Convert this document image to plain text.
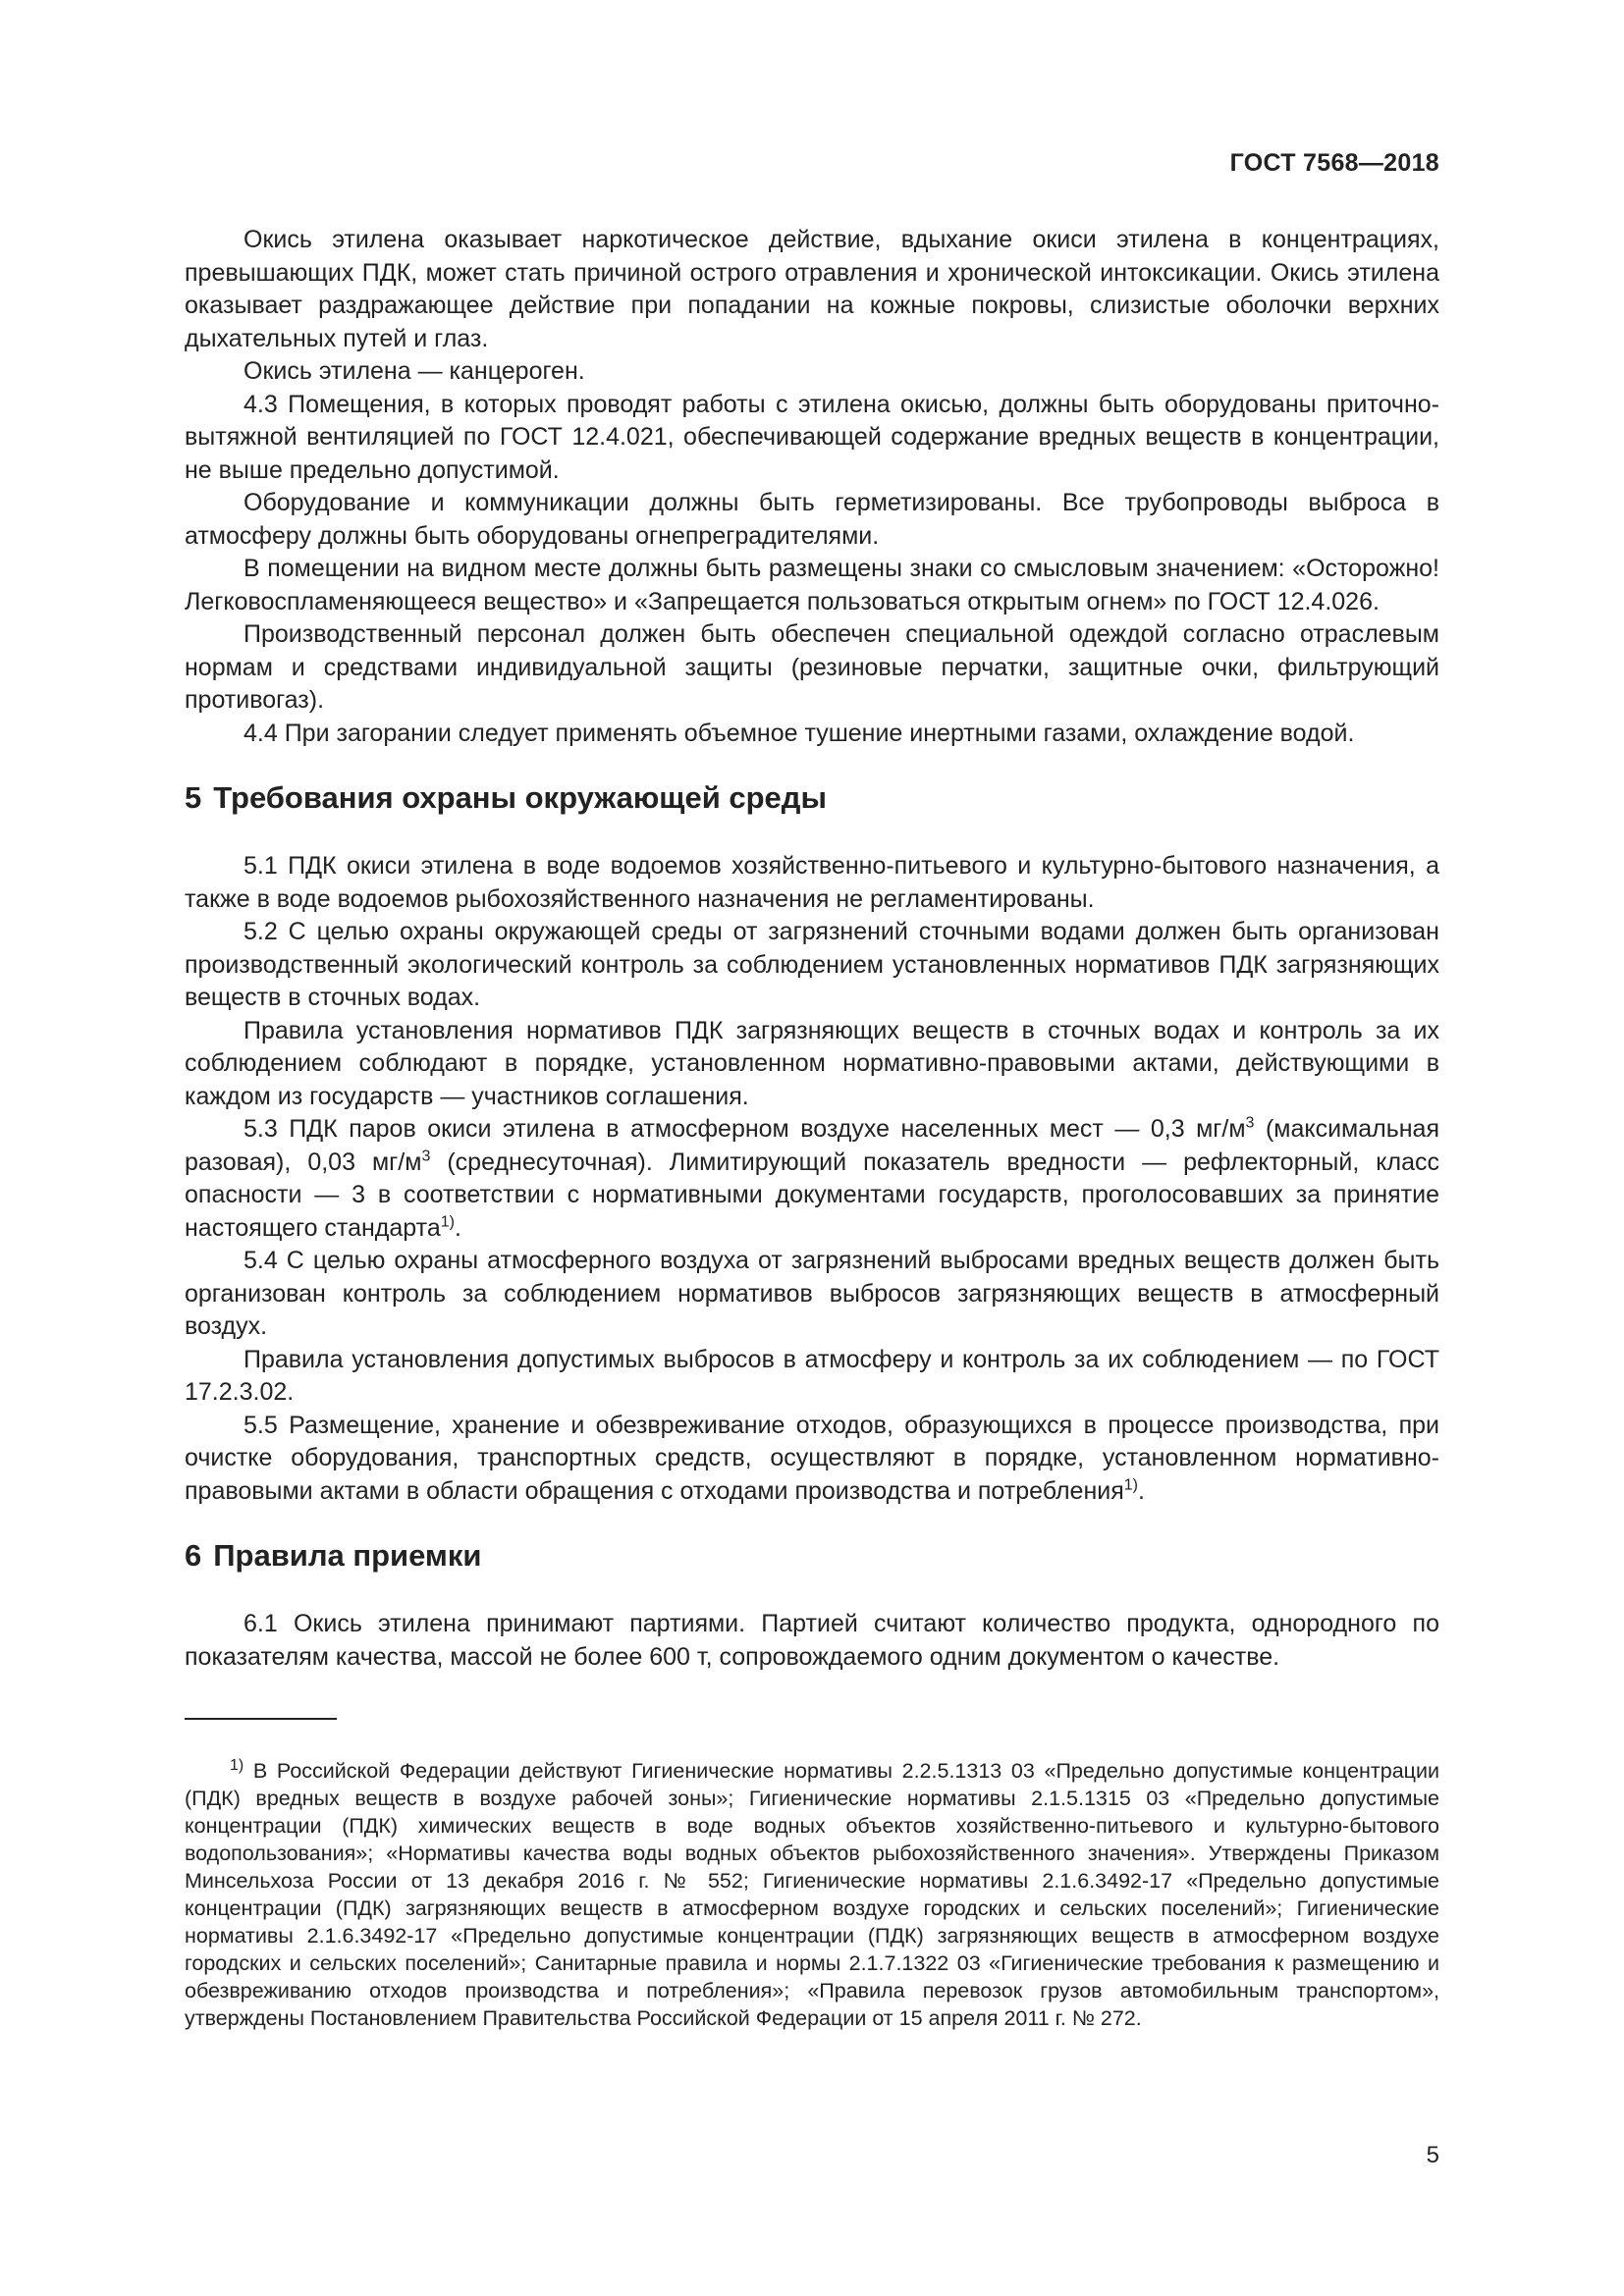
ГОСТ 7568—2018

Окись этилена оказывает наркотическое действие, вдыхание окиси этилена в концентрациях, превышающих ПДК, может стать причиной острого отравления и хронической интоксикации. Окись этилена оказывает раздражающее действие при попадании на кожные покровы, слизистые оболочки верхних дыхательных путей и глаз.

Окись этилена — канцероген.

4.3 Помещения, в которых проводят работы с этилена окисью, должны быть оборудованы приточно-вытяжной вентиляцией по ГОСТ 12.4.021, обеспечивающей содержание вредных веществ в концентрации, не выше предельно допустимой.

Оборудование и коммуникации должны быть герметизированы. Все трубопроводы выброса в атмосферу должны быть оборудованы огнепреградителями.

В помещении на видном месте должны быть размещены знаки со смысловым значением: «Осторожно! Легковоспламеняющееся вещество» и «Запрещается пользоваться открытым огнем» по ГОСТ 12.4.026.

Производственный персонал должен быть обеспечен специальной одеждой согласно отраслевым нормам и средствами индивидуальной защиты (резиновые перчатки, защитные очки, фильтрующий противогаз).

4.4 При загорании следует применять объемное тушение инертными газами, охлаждение водой.

5 Требования охраны окружающей среды

5.1 ПДК окиси этилена в воде водоемов хозяйственно-питьевого и культурно-бытового назначения, а также в воде водоемов рыбохозяйственного назначения не регламентированы.

5.2 С целью охраны окружающей среды от загрязнений сточными водами должен быть организован производственный экологический контроль за соблюдением установленных нормативов ПДК загрязняющих веществ в сточных водах.

Правила установления нормативов ПДК загрязняющих веществ в сточных водах и контроль за их соблюдением соблюдают в порядке, установленном нормативно-правовыми актами, действующими в каждом из государств — участников соглашения.

5.3 ПДК паров окиси этилена в атмосферном воздухе населенных мест — 0,3 $мг/м^3$ (максимальная разовая), 0,03 $мг/м^3$ (среднесуточная). Лимитирующий показатель вредности — рефлекторный, класс опасности — 3 в соответствии с нормативными документами государств, проголосовавших за принятие настоящего стандарта$^{1)}$.

5.4 С целью охраны атмосферного воздуха от загрязнений выбросами вредных веществ должен быть организован контроль за соблюдением нормативов выбросов загрязняющих веществ в атмосферный воздух.

Правила установления допустимых выбросов в атмосферу и контроль за их соблюдением — по ГОСТ 17.2.3.02.

5.5 Размещение, хранение и обезвреживание отходов, образующихся в процессе производства, при очистке оборудования, транспортных средств, осуществляют в порядке, установленном нормативно-правовыми актами в области обращения с отходами производства и потребления$^{1)}$.

6 Правила приемки

6.1 Окись этилена принимают партиями. Партией считают количество продукта, однородного по показателям качества, массой не более 600 т, сопровождаемого одним документом о качестве.

$^{1)}$ В Российской Федерации действуют Гигиенические нормативы 2.2.5.1313 03 «Предельно допустимые концентрации (ПДК) вредных веществ в воздухе рабочей зоны»; Гигиенические нормативы 2.1.5.1315 03 «Предельно допустимые концентрации (ПДК) химических веществ в воде водных объектов хозяйственно-питьевого и культурно-бытового водопользования»; «Нормативы качества воды водных объектов рыбохозяйственного значения». Утверждены Приказом Минсельхоза России от 13 декабря 2016 г. № 552; Гигиенические нормативы 2.1.6.3492-17 «Предельно допустимые концентрации (ПДК) загрязняющих веществ в атмосферном воздухе городских и сельских поселений»; Гигиенические нормативы 2.1.6.3492-17 «Предельно допустимые концентрации (ПДК) загрязняющих веществ в атмосферном воздухе городских и сельских поселений»; Санитарные правила и нормы 2.1.7.1322 03 «Гигиенические требования к размещению и обезвреживанию отходов производства и потребления»; «Правила перевозок грузов автомобильным транспортом», утверждены Постановлением Правительства Российской Федерации от 15 апреля 2011 г. № 272.
5
